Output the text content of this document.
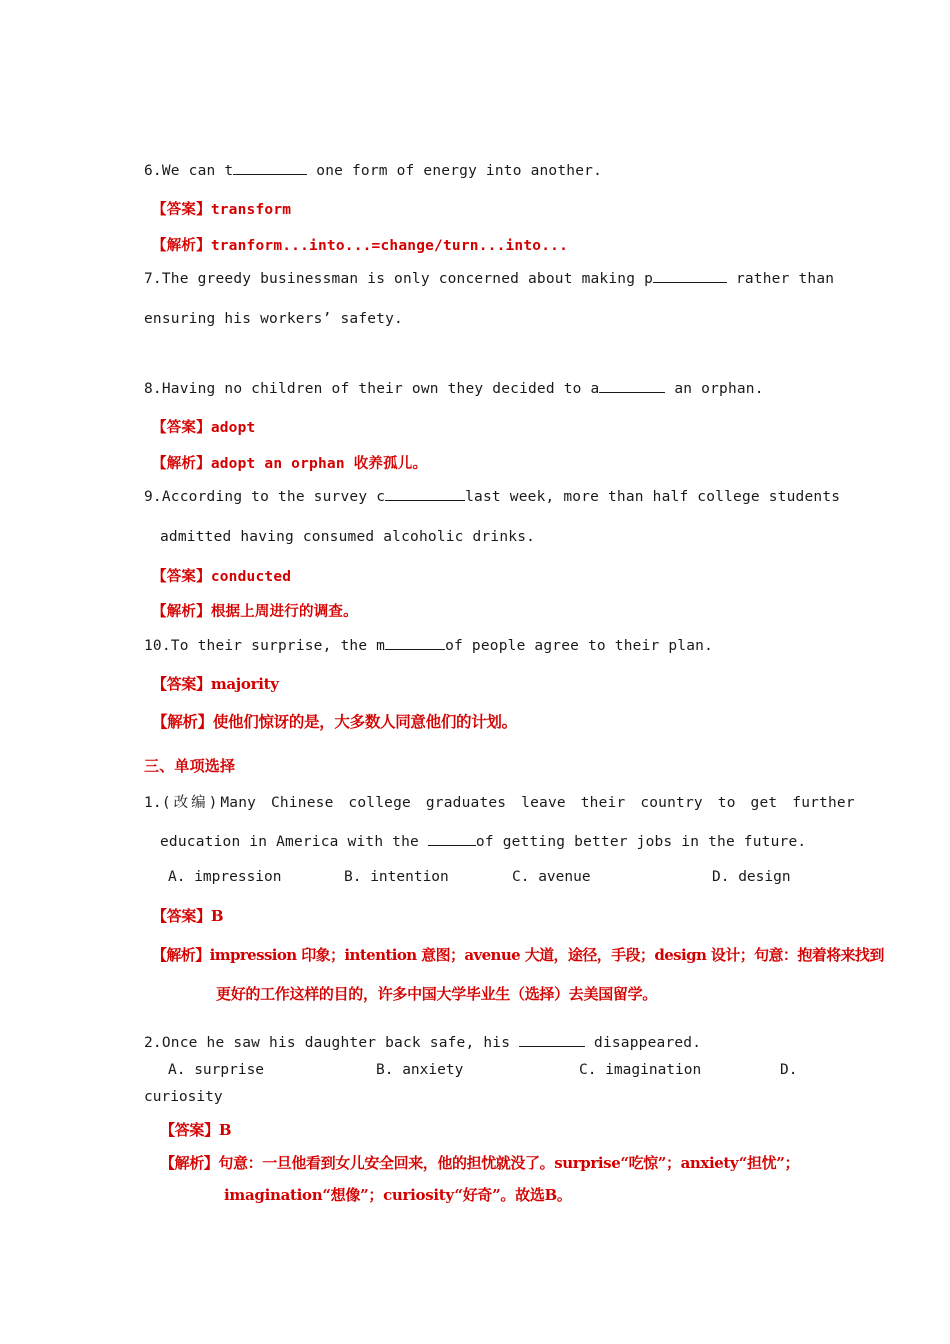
6.We can t	one form of energy into another.
【答案】transform
【解析】tranform...into...=change/turn...into...
7.The greedy businessman is only concerned about making p	rather than
ensuring his workers’ safety.
8.Having no children of their own they decided to a	an orphan.
【答案】adopt
【解析】adopt an orphan 收养孤儿。
9.According to the survey c	last week, more than half college students
admitted having consumed alcoholic drinks.
【答案】conducted
【解析】根据上周进行的调查。
10.To their surprise, the m	of people agree to their plan.
【答案】majority
【解析】使他们惊讶的是，大多数人同意他们的计划。
三、单项选择
1.(改编)Many Chinese college graduates leave their country to get further
education in America with the	of getting better jobs in the future.
A. impression	B. intention	C. avenue	D. design
【答案】B
【解析】impression 印象；intention 意图；avenue 大道，途径，手段；design 设计；句意：抱着将来找到
更好的工作这样的目的，许多中国大学毕业生（选择）去美国留学。
2.Once he saw his daughter back safe, his	disappeared.
A. surprise	B. anxiety	C. imagination	D.
curiosity
【答案】B
【解析】句意：一旦他看到女儿安全回来，他的担忧就没了。surprise“吃惊”；anxiety“担忧”；
imagination“想像”；curiosity“好奇”。故选B。
